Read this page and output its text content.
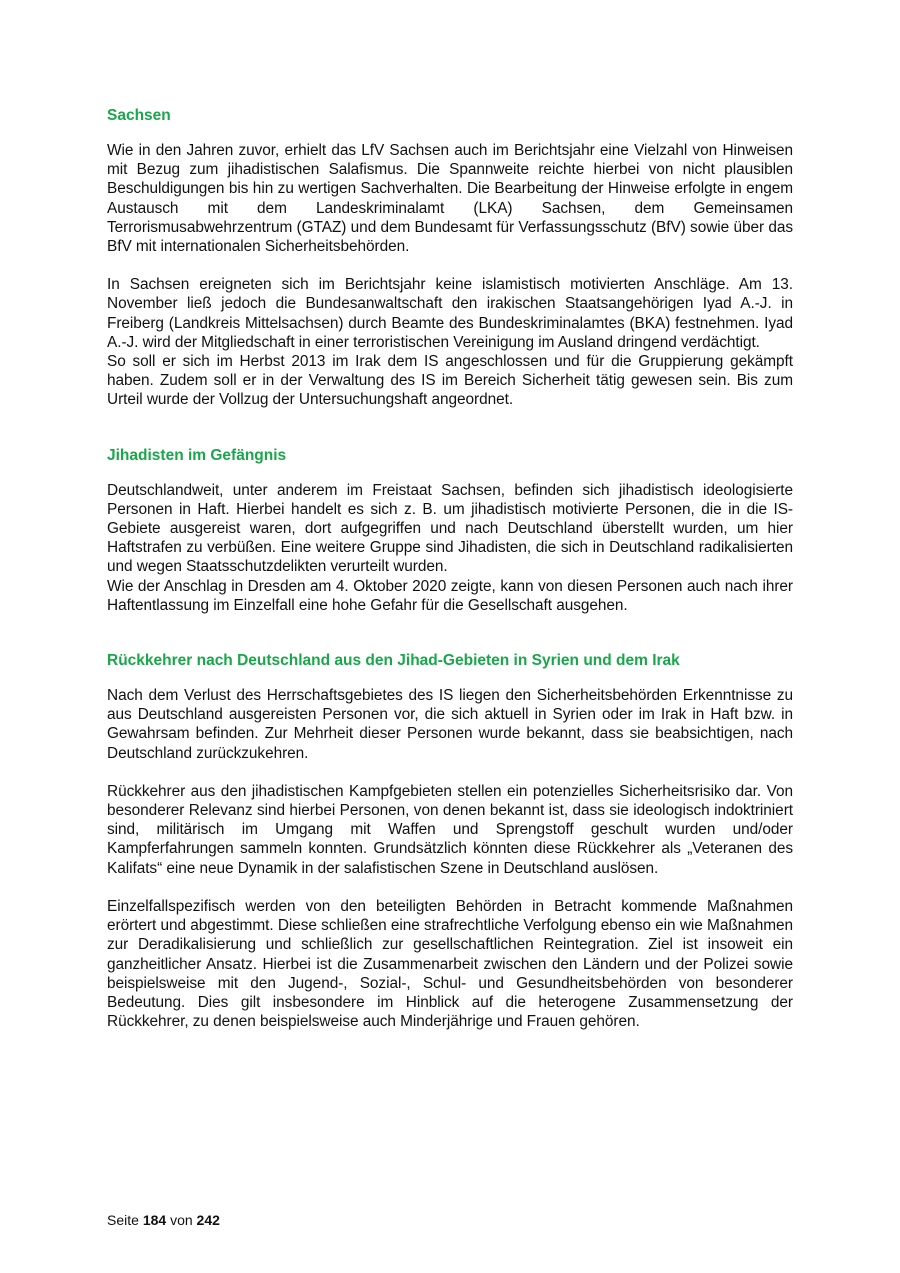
Sachsen

Wie in den Jahren zuvor, erhielt das LfV Sachsen auch im Berichtsjahr eine Vielzahl von Hinweisen mit Bezug zum jihadistischen Salafismus. Die Spannweite reichte hierbei von nicht plausiblen Beschuldigungen bis hin zu wertigen Sachverhalten. Die Bearbeitung der Hinweise erfolgte in engem Austausch mit dem Landeskriminalamt (LKA) Sachsen, dem Gemeinsamen Terrorismusabwehrzentrum (GTAZ) und dem Bundesamt für Verfassungsschutz (BfV) sowie über das BfV mit internationalen Sicherheitsbehörden.

In Sachsen ereigneten sich im Berichtsjahr keine islamistisch motivierten Anschläge. Am 13. November ließ jedoch die Bundesanwaltschaft den irakischen Staatsangehörigen Iyad A.-J. in Freiberg (Landkreis Mittelsachsen) durch Beamte des Bundeskriminalamtes (BKA) festnehmen. Iyad A.-J. wird der Mitgliedschaft in einer terroristischen Vereinigung im Ausland dringend verdächtigt.

So soll er sich im Herbst 2013 im Irak dem IS angeschlossen und für die Gruppierung gekämpft haben. Zudem soll er in der Verwaltung des IS im Bereich Sicherheit tätig gewesen sein. Bis zum Urteil wurde der Vollzug der Untersuchungshaft angeordnet.

Jihadisten im Gefängnis

Deutschlandweit, unter anderem im Freistaat Sachsen, befinden sich jihadistisch ideologisierte Personen in Haft. Hierbei handelt es sich z. B. um jihadistisch motivierte Personen, die in die IS-Gebiete ausgereist waren, dort aufgegriffen und nach Deutschland überstellt wurden, um hier Haftstrafen zu verbüßen. Eine weitere Gruppe sind Jihadisten, die sich in Deutschland radikalisierten und wegen Staatsschutzdelikten verurteilt wurden.

Wie der Anschlag in Dresden am 4. Oktober 2020 zeigte, kann von diesen Personen auch nach ihrer Haftentlassung im Einzelfall eine hohe Gefahr für die Gesellschaft ausgehen.

Rückkehrer nach Deutschland aus den Jihad-Gebieten in Syrien und dem Irak

Nach dem Verlust des Herrschaftsgebietes des IS liegen den Sicherheitsbehörden Erkenntnisse zu aus Deutschland ausgereisten Personen vor, die sich aktuell in Syrien oder im Irak in Haft bzw. in Gewahrsam befinden. Zur Mehrheit dieser Personen wurde bekannt, dass sie beabsichtigen, nach Deutschland zurückzukehren.

Rückkehrer aus den jihadistischen Kampfgebieten stellen ein potenzielles Sicherheitsrisiko dar. Von besonderer Relevanz sind hierbei Personen, von denen bekannt ist, dass sie ideologisch indoktriniert sind, militärisch im Umgang mit Waffen und Sprengstoff geschult wurden und/oder Kampferfahrungen sammeln konnten. Grundsätzlich könnten diese Rückkehrer als „Veteranen des Kalifats“ eine neue Dynamik in der salafistischen Szene in Deutschland auslösen.

Einzelfallspezifisch werden von den beteiligten Behörden in Betracht kommende Maßnahmen erörtert und abgestimmt. Diese schließen eine strafrechtliche Verfolgung ebenso ein wie Maßnahmen zur Deradikalisierung und schließlich zur gesellschaftlichen Reintegration. Ziel ist insoweit ein ganzheitlicher Ansatz. Hierbei ist die Zusammenarbeit zwischen den Ländern und der Polizei sowie beispielsweise mit den Jugend-, Sozial-, Schul- und Gesundheitsbehörden von besonderer Bedeutung. Dies gilt insbesondere im Hinblick auf die heterogene Zusammensetzung der Rückkehrer, zu denen beispielsweise auch Minderjährige und Frauen gehören.

Seite 184 von 242
